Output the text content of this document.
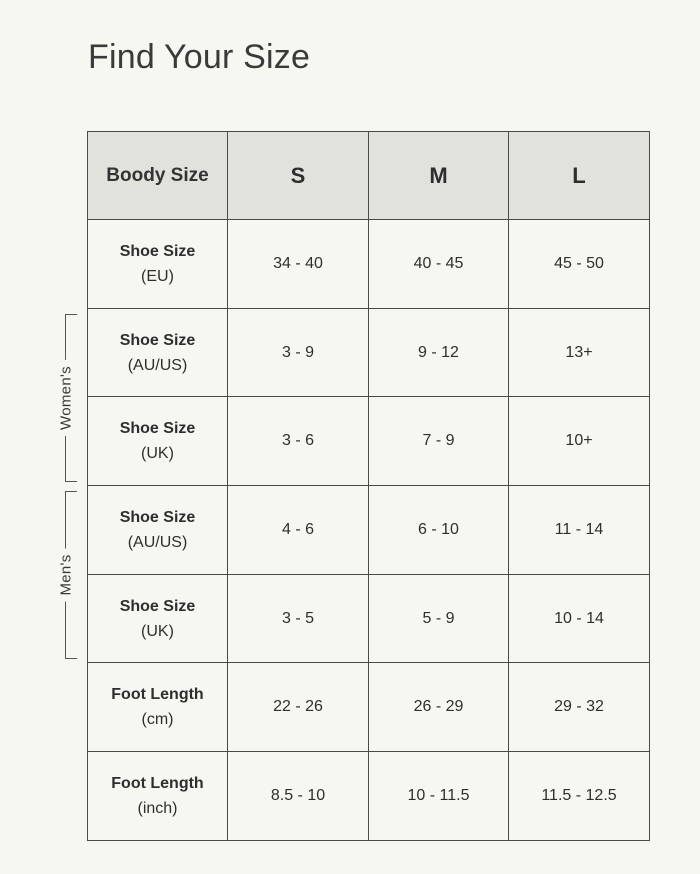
Find Your Size
Women's
Men's
Boody Size	S	M	L

Shoe Size
(EU)	34 - 40	40 - 45	45 - 50

Shoe Size
(AU/US)	3 - 9	9 - 12	13+

Shoe Size
(UK)	3 - 6	7 - 9	10+

Shoe Size
(AU/US)	4 - 6	6 - 10	11 - 14

Shoe Size
(UK)	3 - 5	5 - 9	10 - 14

Foot Length
(cm)	22 - 26	26 - 29	29 - 32

Foot Length
(inch)	8.5 - 10	10 - 11.5	11.5 - 12.5
